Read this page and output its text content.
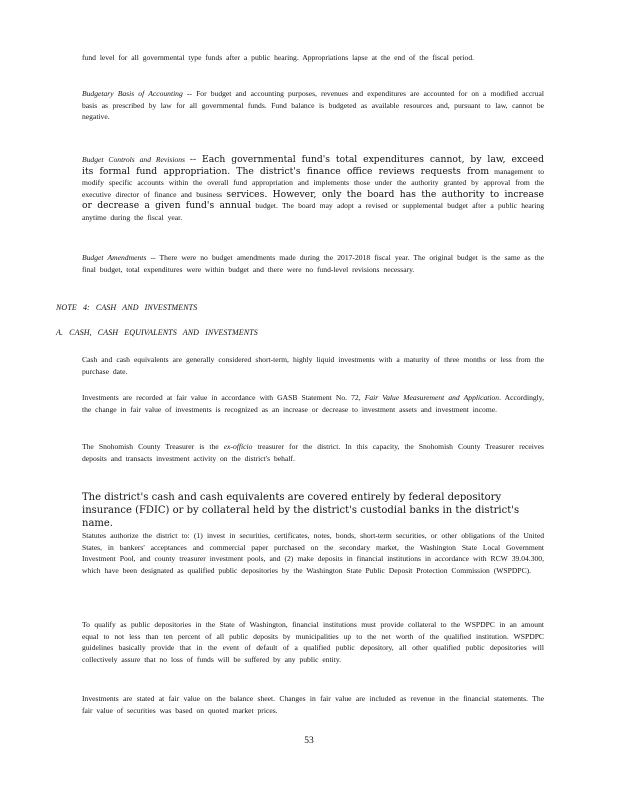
fund level for all governmental type funds after a public hearing. Appropriations lapse at the end of the fiscal period.

Budgetary Basis of Accounting -- For budget and accounting purposes, revenues and expenditures are accounted for on a modified accrual basis as prescribed by law for all governmental funds. Fund balance is budgeted as available resources and, pursuant to law, cannot be negative.

Budget Controls and Revisions -- Each governmental fund's total expenditures cannot, by law, exceed its formal fund appropriation. The district's finance office reviews requests from management to modify specific accounts within the overall fund appropriation and implements those under the authority granted by approval from the executive director of finance and business services. However, only the board has the authority to increase or decrease a given fund's annual budget. The board may adopt a revised or supplemental budget after a public hearing anytime during the fiscal year.

Budget Amendments -- There were no budget amendments made during the 2017-2018 fiscal year. The original budget is the same as the final budget, total expenditures were within budget and there were no fund-level revisions necessary.

NOTE 4: CASH AND INVESTMENTS

A. CASH, CASH EQUIVALENTS AND INVESTMENTS

Cash and cash equivalents are generally considered short-term, highly liquid investments with a maturity of three months or less from the purchase date.

Investments are recorded at fair value in accordance with GASB Statement No. 72, Fair Value Measurement and Application. Accordingly, the change in fair value of investments is recognized as an increase or decrease to investment assets and investment income.

The Snohomish County Treasurer is the ex-officio treasurer for the district. In this capacity, the Snohomish County Treasurer receives deposits and transacts investment activity on the district's behalf.

The district's cash and cash equivalents are covered entirely by federal depository insurance (FDIC) or by collateral held by the district's custodial banks in the district's name.

Statutes authorize the district to: (1) invest in securities, certificates, notes, bonds, short-term securities, or other obligations of the United States, in bankers' acceptances and commercial paper purchased on the secondary market, the Washington State Local Government Investment Pool, and county treasurer investment pools, and (2) make deposits in financial institutions in accordance with RCW 39.04.300, which have been designated as qualified public depositories by the Washington State Public Deposit Protection Commission (WSPDPC).

To qualify as public depositories in the State of Washington, financial institutions must provide collateral to the WSPDPC in an amount equal to not less than ten percent of all public deposits by municipalities up to the net worth of the qualified institution. WSPDPC guidelines basically provide that in the event of default of a qualified public depository, all other qualified public depositories will collectively assure that no loss of funds will be suffered by any public entity.

Investments are stated at fair value on the balance sheet. Changes in fair value are included as revenue in the financial statements. The fair value of securities was based on quoted market prices.

53
